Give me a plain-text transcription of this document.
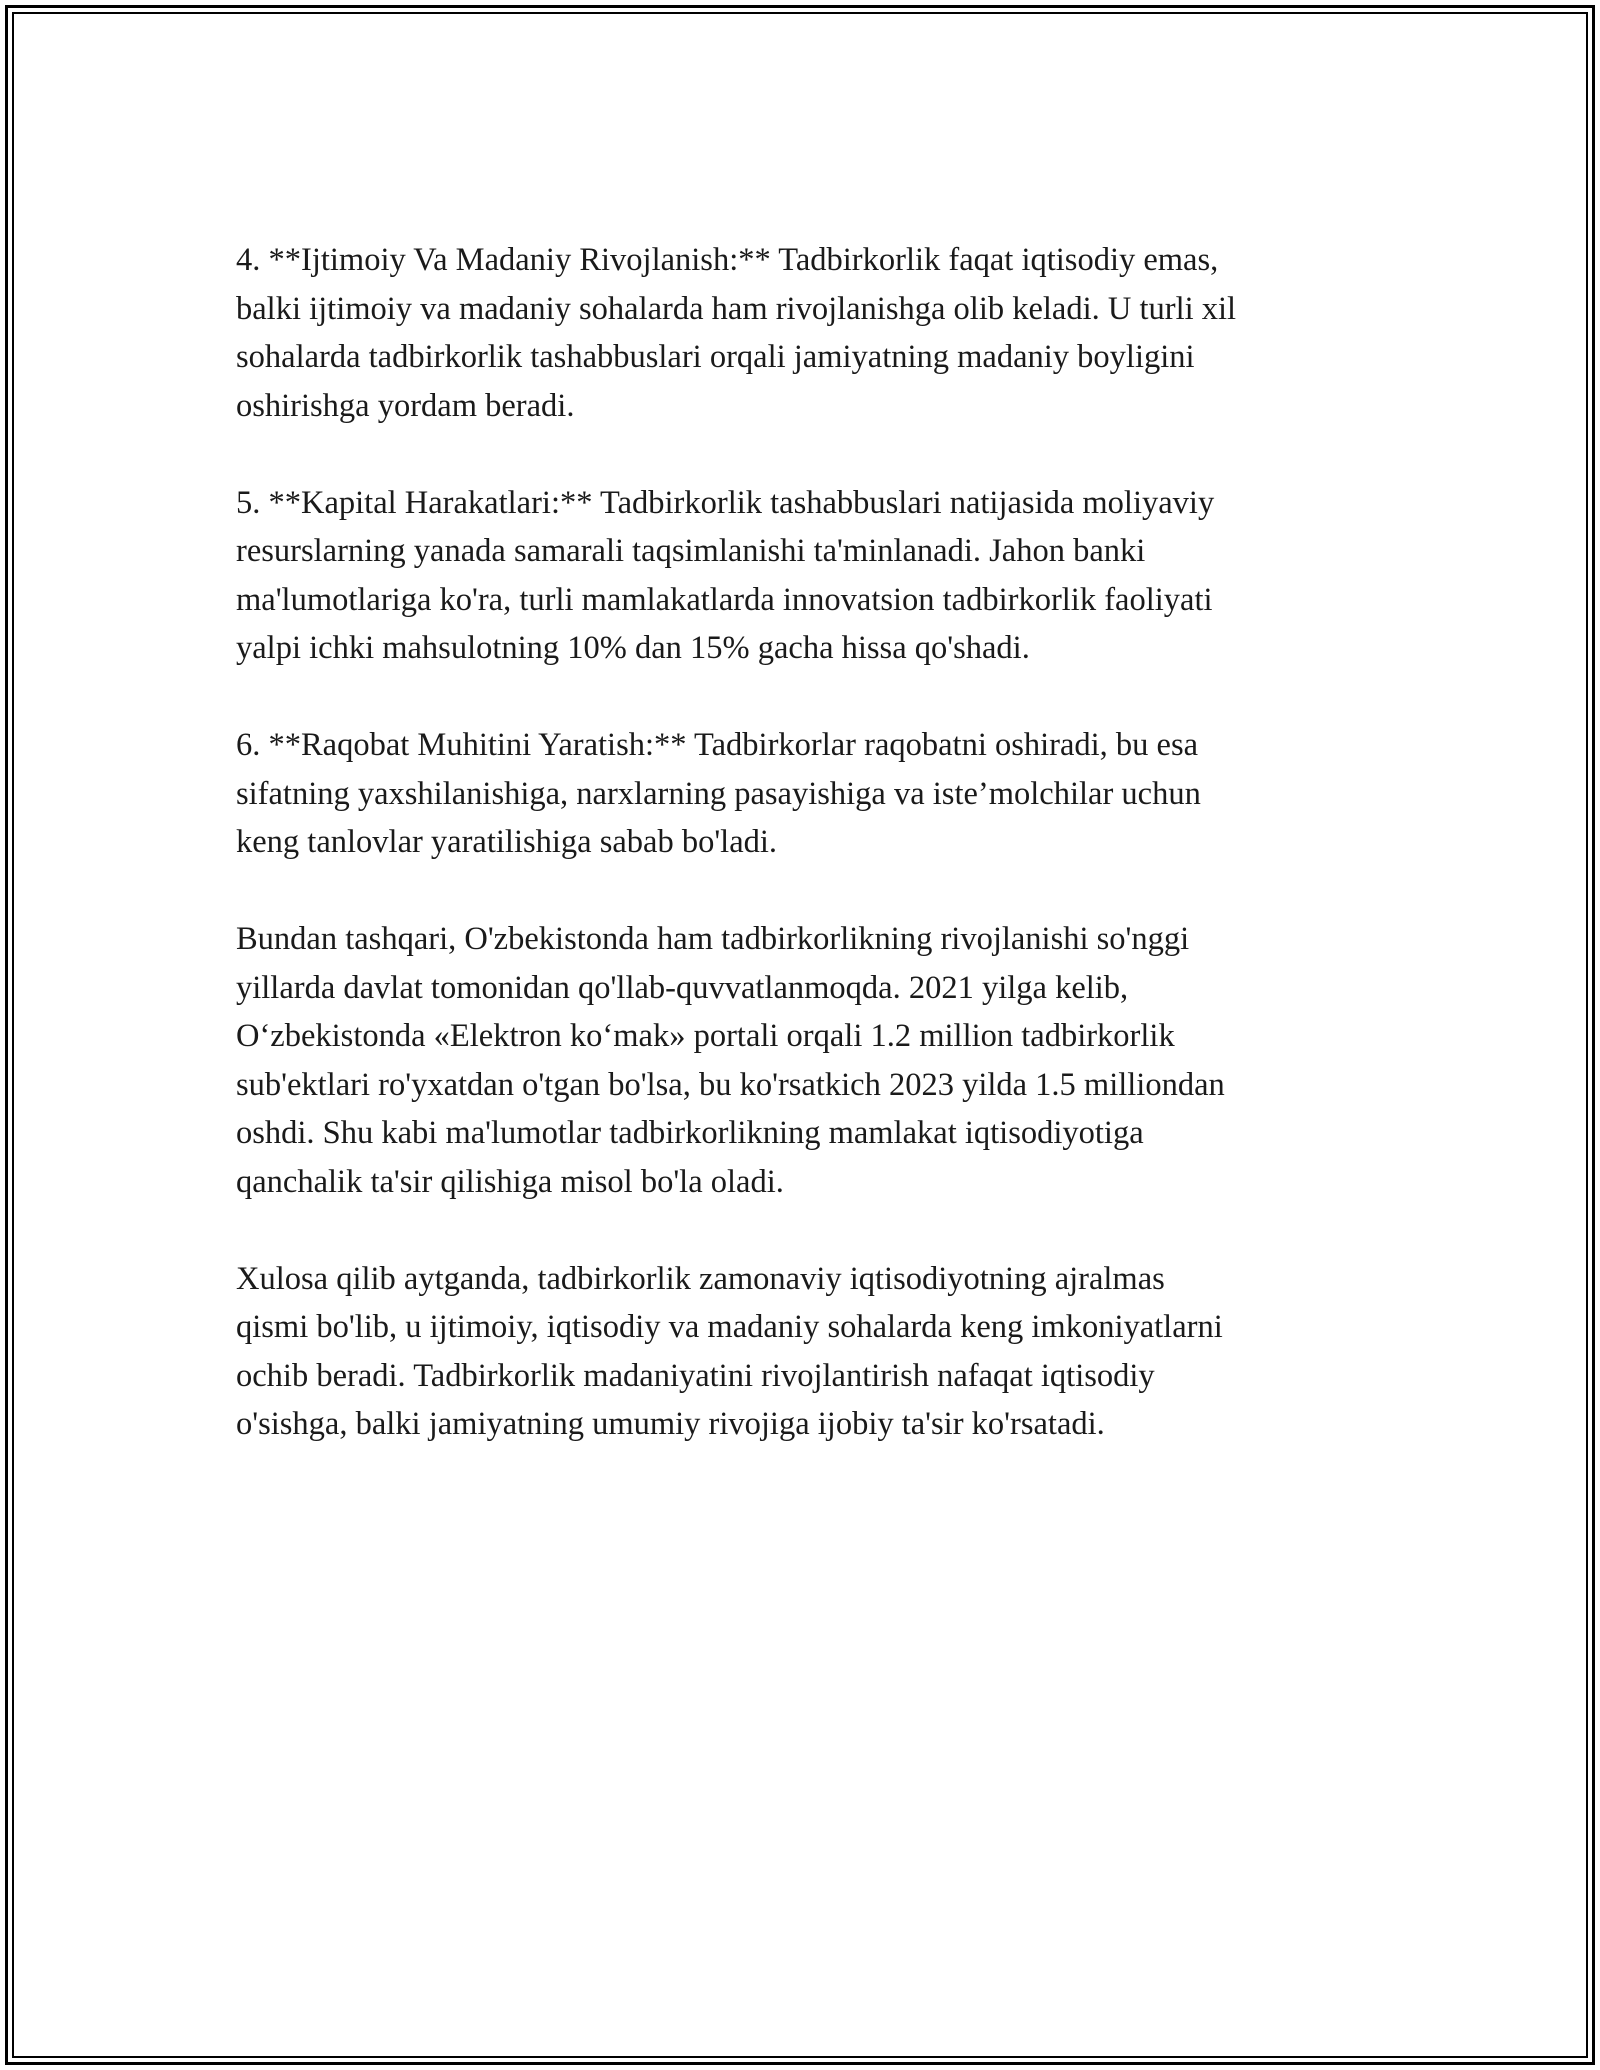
4. **Ijtimoiy Va Madaniy Rivojlanish:** Tadbirkorlik faqat iqtisodiy emas,
balki ijtimoiy va madaniy sohalarda ham rivojlanishga olib keladi. U turli xil
sohalarda tadbirkorlik tashabbuslari orqali jamiyatning madaniy boyligini
oshirishga yordam beradi.

5. **Kapital Harakatlari:** Tadbirkorlik tashabbuslari natijasida moliyaviy
resurslarning yanada samarali taqsimlanishi ta'minlanadi. Jahon banki
ma'lumotlariga ko'ra, turli mamlakatlarda innovatsion tadbirkorlik faoliyati
yalpi ichki mahsulotning 10% dan 15% gacha hissa qo'shadi.

6. **Raqobat Muhitini Yaratish:** Tadbirkorlar raqobatni oshiradi, bu esa
sifatning yaxshilanishiga, narxlarning pasayishiga va iste’molchilar uchun
keng tanlovlar yaratilishiga sabab bo'ladi.

Bundan tashqari, O'zbekistonda ham tadbirkorlikning rivojlanishi so'nggi
yillarda davlat tomonidan qo'llab-quvvatlanmoqda. 2021 yilga kelib,
O‘zbekistonda «Elektron ko‘mak» portali orqali 1.2 million tadbirkorlik
sub'ektlari ro'yxatdan o'tgan bo'lsa, bu ko'rsatkich 2023 yilda 1.5 milliondan
oshdi. Shu kabi ma'lumotlar tadbirkorlikning mamlakat iqtisodiyotiga
qanchalik ta'sir qilishiga misol bo'la oladi.

Xulosa qilib aytganda, tadbirkorlik zamonaviy iqtisodiyotning ajralmas
qismi bo'lib, u ijtimoiy, iqtisodiy va madaniy sohalarda keng imkoniyatlarni
ochib beradi. Tadbirkorlik madaniyatini rivojlantirish nafaqat iqtisodiy
o'sishga, balki jamiyatning umumiy rivojiga ijobiy ta'sir ko'rsatadi.
